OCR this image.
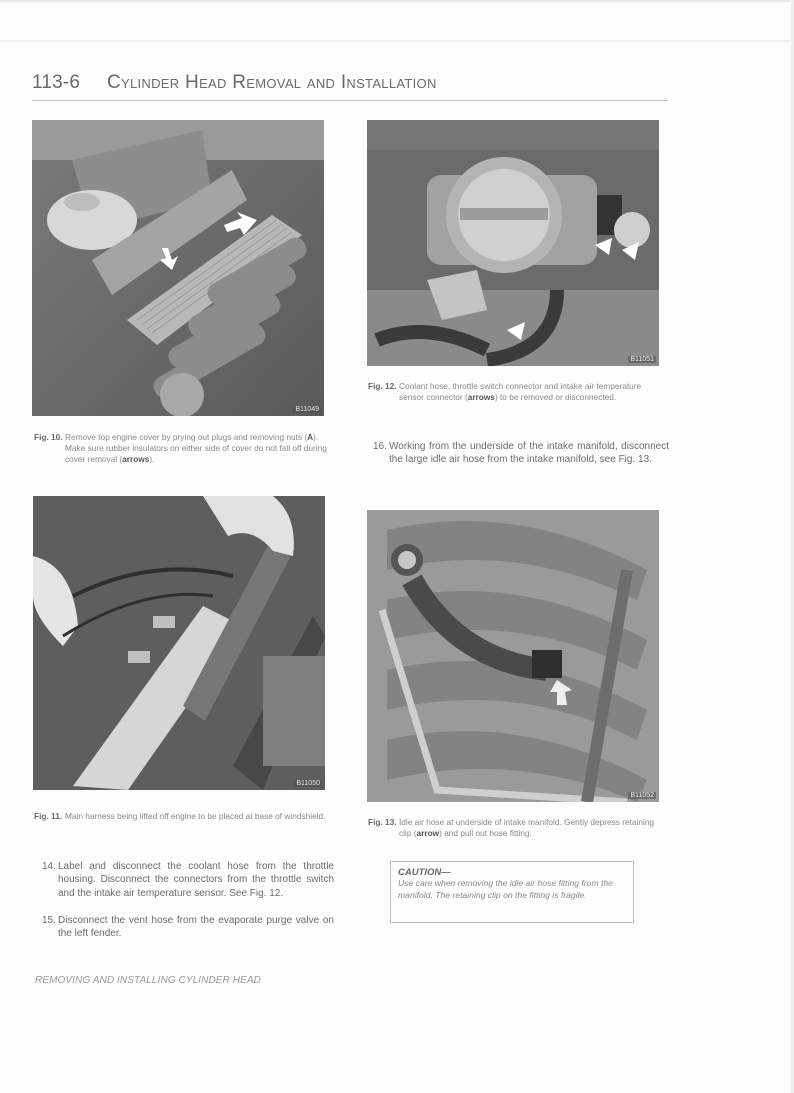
113-6 Cylinder Head Removal and Installation
B11049
Fig. 10. Remove top engine cover by prying out plugs and removing nuts (A). Make sure rubber insulators on either side of cover do not fall off during cover removal (arrows).
B11051
Fig. 12. Coolant hose, throttle switch connector and intake air temperature sensor connector (arrows) to be removed or disconnected.
16. Working from the underside of the intake manifold, disconnect the large idle air hose from the intake manifold, see Fig. 13.
B11050
Fig. 11. Main harness being lifted off engine to be placed at base of windshield.
B11052
Fig. 13. Idle air hose at underside of intake manifold. Gently depress retaining clip (arrow) and pull out hose fitting.
14. Label and disconnect the coolant hose from the throttle housing. Disconnect the connectors from the throttle switch and the intake air temperature sensor. See Fig. 12.
15. Disconnect the vent hose from the evaporate purge valve on the left fender.
CAUTION—
Use care when removing the idle air hose fitting from the manifold. The retaining clip on the fitting is fragile.
REMOVING AND INSTALLING CYLINDER HEAD
